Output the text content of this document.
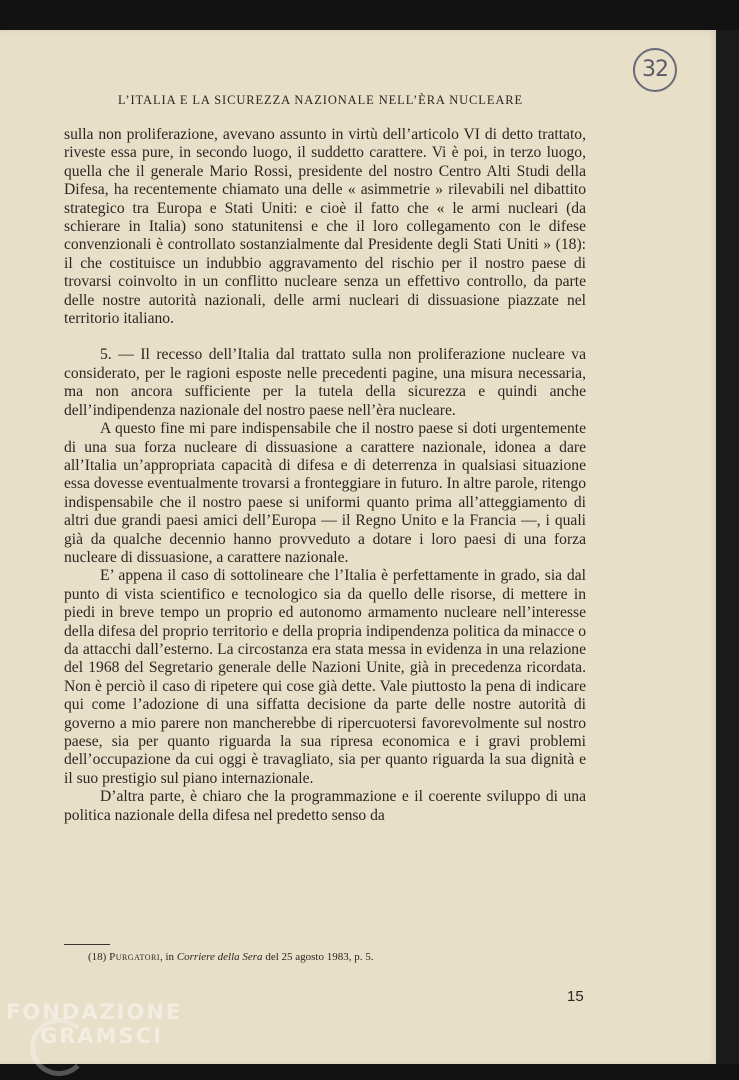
32
L’ITALIA E LA SICUREZZA NAZIONALE NELL’ÈRA NUCLEARE

sulla non proliferazione, avevano assunto in virtù dell’articolo VI di detto trattato, riveste essa pure, in secondo luogo, il suddetto carattere. Vi è poi, in terzo luogo, quella che il generale Mario Rossi, presidente del nostro Centro Alti Studi della Difesa, ha recentemente chiamato una delle « asimmetrie » rilevabili nel dibattito strategico tra Europa e Stati Uniti: e cioè il fatto che « le armi nucleari (da schierare in Italia) sono statunitensi e che il loro collegamento con le difese convenzionali è controllato sostanzialmente dal Presidente degli Stati Uniti » (18): il che costituisce un indubbio aggravamento del rischio per il nostro paese di trovarsi coinvolto in un conflitto nucleare senza un effettivo controllo, da parte delle nostre autorità nazionali, delle armi nucleari di dissuasione piazzate nel territorio italiano.

5. — Il recesso dell’Italia dal trattato sulla non proliferazione nucleare va considerato, per le ragioni esposte nelle precedenti pagine, una misura necessaria, ma non ancora sufficiente per la tutela della sicurezza e quindi anche dell’indipendenza nazionale del nostro paese nell’èra nucleare.

A questo fine mi pare indispensabile che il nostro paese si doti urgentemente di una sua forza nucleare di dissuasione a carattere nazionale, idonea a dare all’Italia un’appropriata capacità di difesa e di deterrenza in qualsiasi situazione essa dovesse eventualmente trovarsi a fronteggiare in futuro. In altre parole, ritengo indispensabile che il nostro paese si uniformi quanto prima all’atteggiamento di altri due grandi paesi amici dell’Europa — il Regno Unito e la Francia —, i quali già da qualche decennio hanno provveduto a dotare i loro paesi di una forza nucleare di dissuasione, a carattere nazionale.

E’ appena il caso di sottolineare che l’Italia è perfettamente in grado, sia dal punto di vista scientifico e tecnologico sia da quello delle risorse, di mettere in piedi in breve tempo un proprio ed autonomo armamento nucleare nell’interesse della difesa del proprio territorio e della propria indipendenza politica da minacce o da attacchi dall’esterno. La circostanza era stata messa in evidenza in una relazione del 1968 del Segretario generale delle Nazioni Unite, già in precedenza ricordata. Non è perciò il caso di ripetere qui cose già dette. Vale piuttosto la pena di indicare qui come l’adozione di una siffatta decisione da parte delle nostre autorità di governo a mio parere non mancherebbe di ripercuotersi favorevolmente sul nostro paese, sia per quanto riguarda la sua ripresa economica e i gravi problemi dell’occupazione da cui oggi è travagliato, sia per quanto riguarda la sua dignità e il suo prestigio sul piano internazionale.

D’altra parte, è chiaro che la programmazione e il coerente sviluppo di una politica nazionale della difesa nel predetto senso da

(18) Purgatori, in Corriere della Sera del 25 agosto 1983, p. 5.
15
FONDAZIONE
GRAMSCI
